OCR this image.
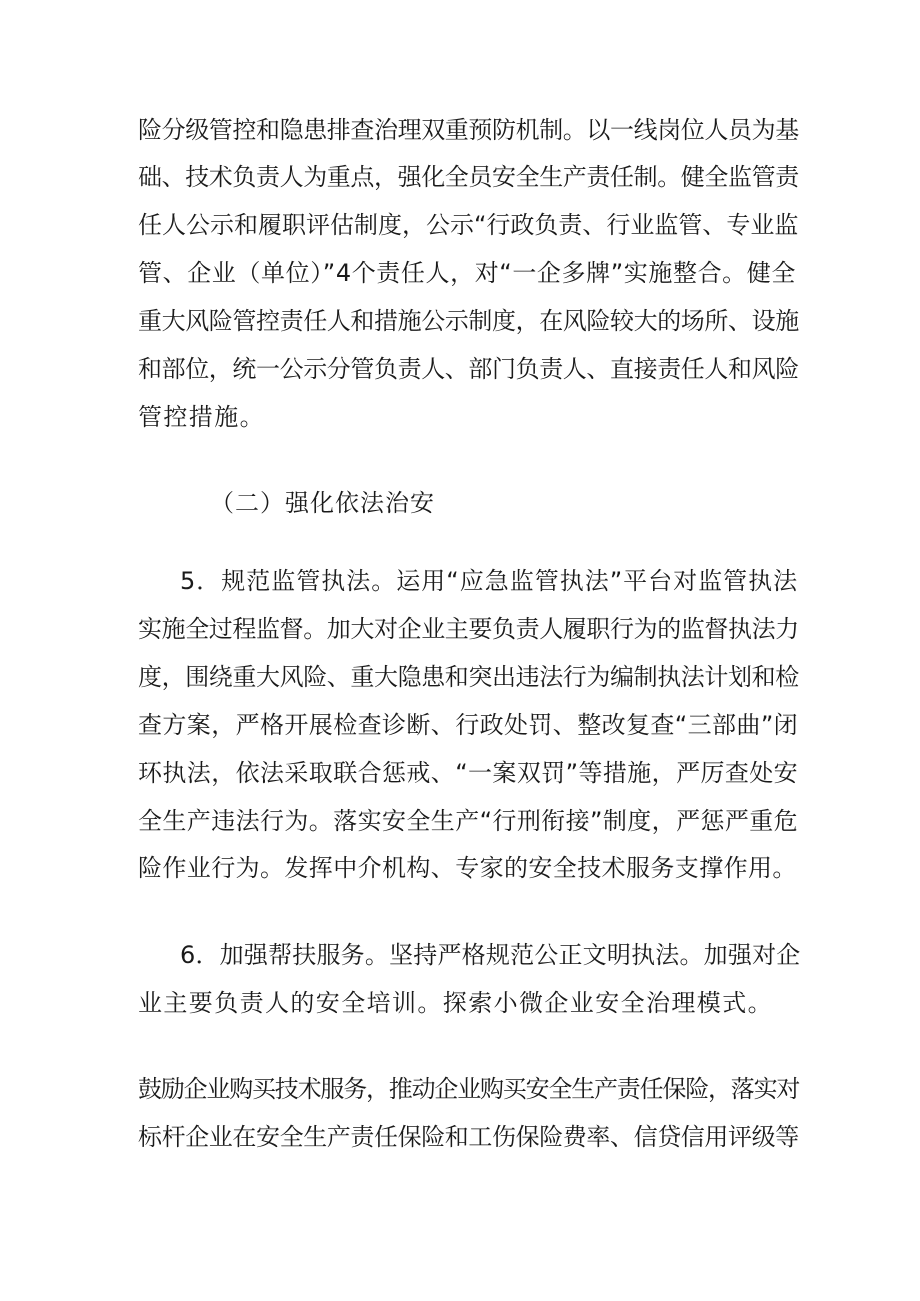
险分级管控和隐患排查治理双重预防机制。以一线岗位人员为基
础、技术负责人为重点，强化全员安全生产责任制。健全监管责
任人公示和履职评估制度，公示“行政负责、行业监管、专业监
管、企业（单位）”4个责任人，对“一企多牌”实施整合。健全
重大风险管控责任人和措施公示制度，在风险较大的场所、设施
和部位，统一公示分管负责人、部门负责人、直接责任人和风险
管控措施。
（二）强化依法治安
5．规范监管执法。运用“应急监管执法”平台对监管执法
实施全过程监督。加大对企业主要负责人履职行为的监督执法力
度，围绕重大风险、重大隐患和突出违法行为编制执法计划和检
查方案，严格开展检查诊断、行政处罚、整改复查“三部曲”闭
环执法，依法采取联合惩戒、“一案双罚”等措施，严厉查处安
全生产违法行为。落实安全生产“行刑衔接”制度，严惩严重危
险作业行为。发挥中介机构、专家的安全技术服务支撑作用。
6．加强帮扶服务。坚持严格规范公正文明执法。加强对企
业主要负责人的安全培训。探索小微企业安全治理模式。
鼓励企业购买技术服务，推动企业购买安全生产责任保险，落实对
标杆企业在安全生产责任保险和工伤保险费率、信贷信用评级等
